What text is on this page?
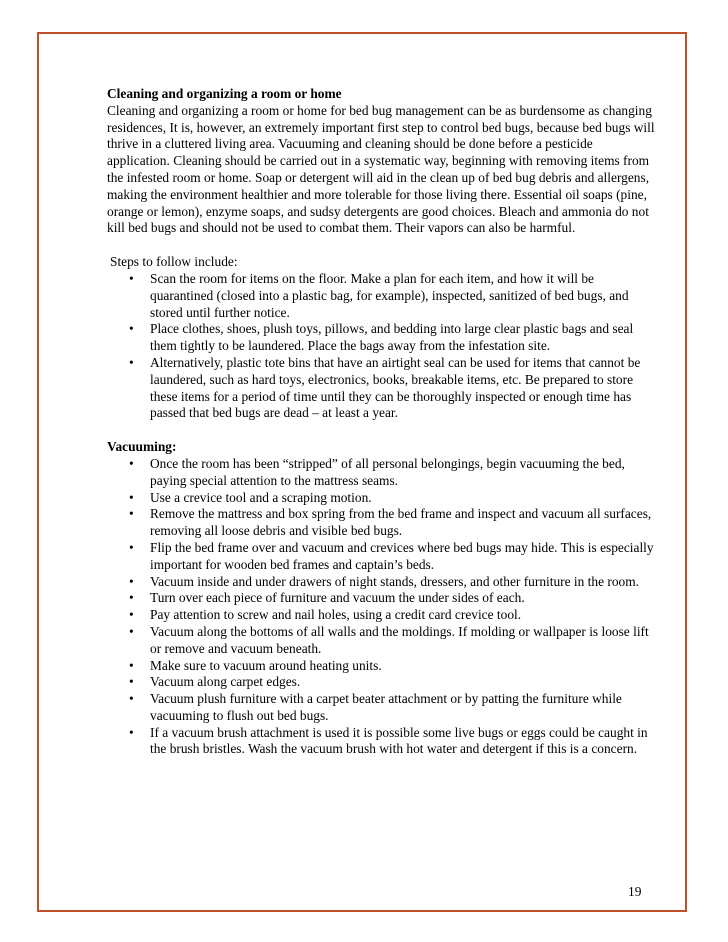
Cleaning and organizing a room or home

Cleaning and organizing a room or home for bed bug management can be as burdensome as changing residences, It is, however, an extremely important first step to control bed bugs, because bed bugs will thrive in a cluttered living area. Vacuuming and cleaning should be done before a pesticide application. Cleaning should be carried out in a systematic way, beginning with removing items from the infested room or home. Soap or detergent will aid in the clean up of bed bug debris and allergens, making the environment healthier and more tolerable for those living there. Essential oil soaps (pine, orange or lemon), enzyme soaps, and sudsy detergents are good choices. Bleach and ammonia do not kill bed bugs and should not be used to combat them. Their vapors can also be harmful.

Steps to follow include:

• Scan the room for items on the floor. Make a plan for each item, and how it will be quarantined (closed into a plastic bag, for example), inspected, sanitized of bed bugs, and stored until further notice.
• Place clothes, shoes, plush toys, pillows, and bedding into large clear plastic bags and seal them tightly to be laundered. Place the bags away from the infestation site.
• Alternatively, plastic tote bins that have an airtight seal can be used for items that cannot be laundered, such as hard toys, electronics, books, breakable items, etc. Be prepared to store these items for a period of time until they can be thoroughly inspected or enough time has passed that bed bugs are dead – at least a year.

Vacuuming:

• Once the room has been “stripped” of all personal belongings, begin vacuuming the bed, paying special attention to the mattress seams.
• Use a crevice tool and a scraping motion.
• Remove the mattress and box spring from the bed frame and inspect and vacuum all surfaces, removing all loose debris and visible bed bugs.
• Flip the bed frame over and vacuum and crevices where bed bugs may hide. This is especially important for wooden bed frames and captain’s beds.
• Vacuum inside and under drawers of night stands, dressers, and other furniture in the room.
• Turn over each piece of furniture and vacuum the under sides of each.
• Pay attention to screw and nail holes, using a credit card crevice tool.
• Vacuum along the bottoms of all walls and the moldings. If molding or wallpaper is loose lift or remove and vacuum beneath.
• Make sure to vacuum around heating units.
• Vacuum along carpet edges.
• Vacuum plush furniture with a carpet beater attachment or by patting the furniture while vacuuming to flush out bed bugs.
• If a vacuum brush attachment is used it is possible some live bugs or eggs could be caught in the brush bristles. Wash the vacuum brush with hot water and detergent if this is a concern.
19
